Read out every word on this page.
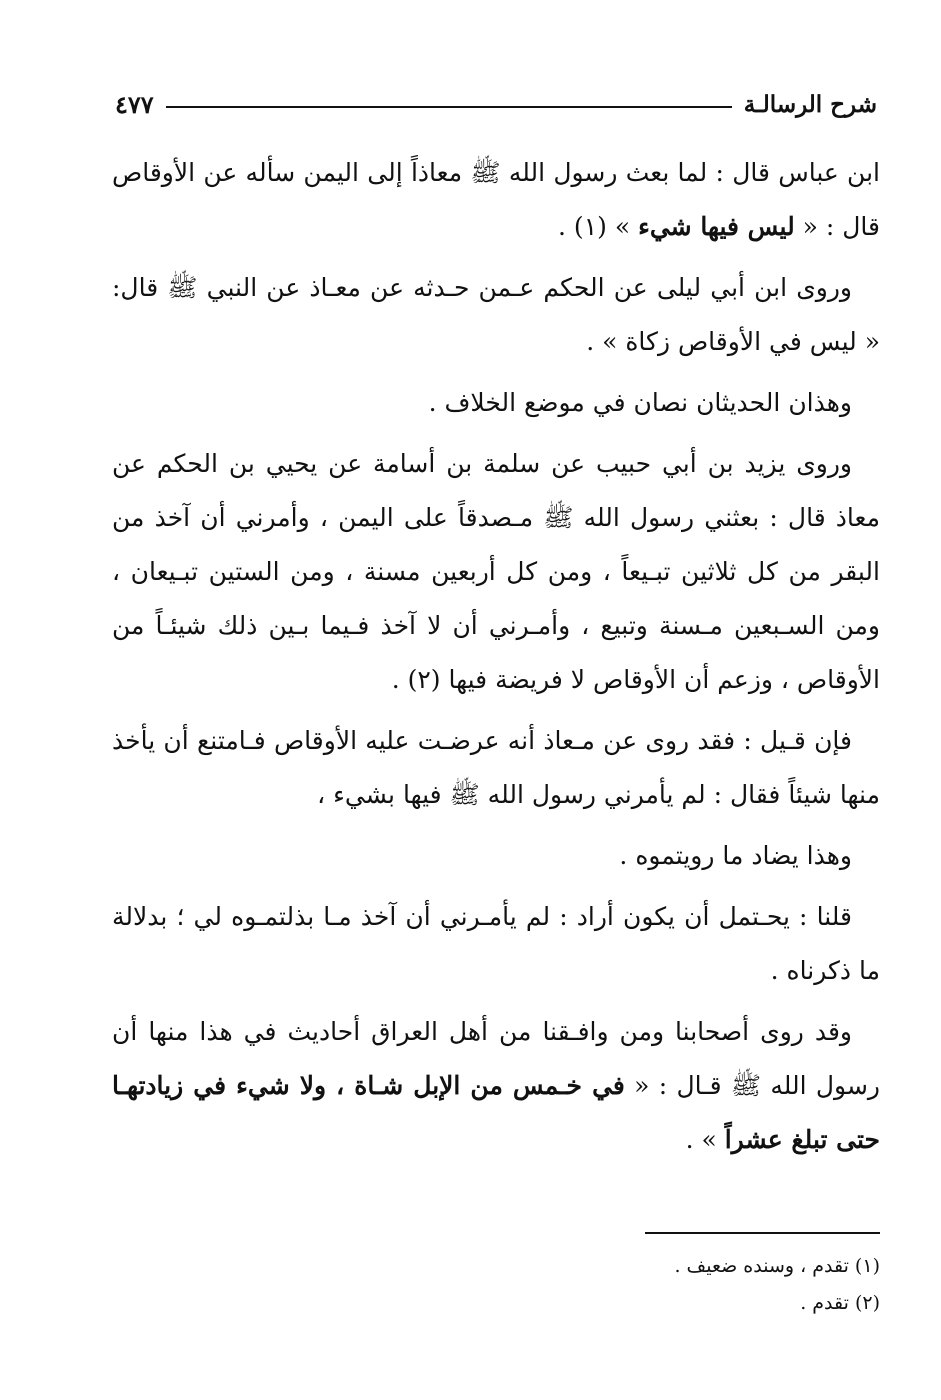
شرح الرسالـة
٤٧٧

ابن عباس قال : لما بعث رسول الله ﷺ معاذاً إلى اليمن سأله عن الأوقاص قال : « ليس فيها شيء » (١) .

وروى ابن أبي ليلى عن الحكم عـمن حـدثه عن معـاذ عن النبي ﷺ قال: « ليس في الأوقاص زكاة » .

وهذان الحديثان نصان في موضع الخلاف .

وروى يزيد بن أبي حبيب عن سلمة بن أسامة عن يحيي بن الحكم عن معاذ قال : بعثني رسول الله ﷺ مـصدقاً على اليمن ، وأمرني أن آخذ من البقر من كل ثلاثين تبـيعاً ، ومن كل أربعين مسنة ، ومن الستين تبـيعان ، ومن السـبعين مـسنة وتبيع ، وأمـرني أن لا آخذ فـيما بـين ذلك شيئـاً من الأوقاص ، وزعم أن الأوقاص لا فريضة فيها (٢) .

فإن قـيل : فقد روى عن مـعاذ أنه عرضـت عليه الأوقاص فـامتنع أن يأخذ منها شيئاً فقال : لم يأمرني رسول الله ﷺ فيها بشيء ،

وهذا يضاد ما رويتموه .

قلنا : يحـتمل أن يكون أراد : لم يأمـرني أن آخذ مـا بذلتمـوه لي ؛ بدلالة ما ذكرناه .

وقد روى أصحابنا ومن وافـقنا من أهل العراق أحاديث في هذا منها أن رسول الله ﷺ قـال : « في خـمس من الإبل شـاة ، ولا شيء في زيادتهـا حتى تبلغ عشراً » .

(١) تقدم ، وسنده ضعيف .

(٢) تقدم .
